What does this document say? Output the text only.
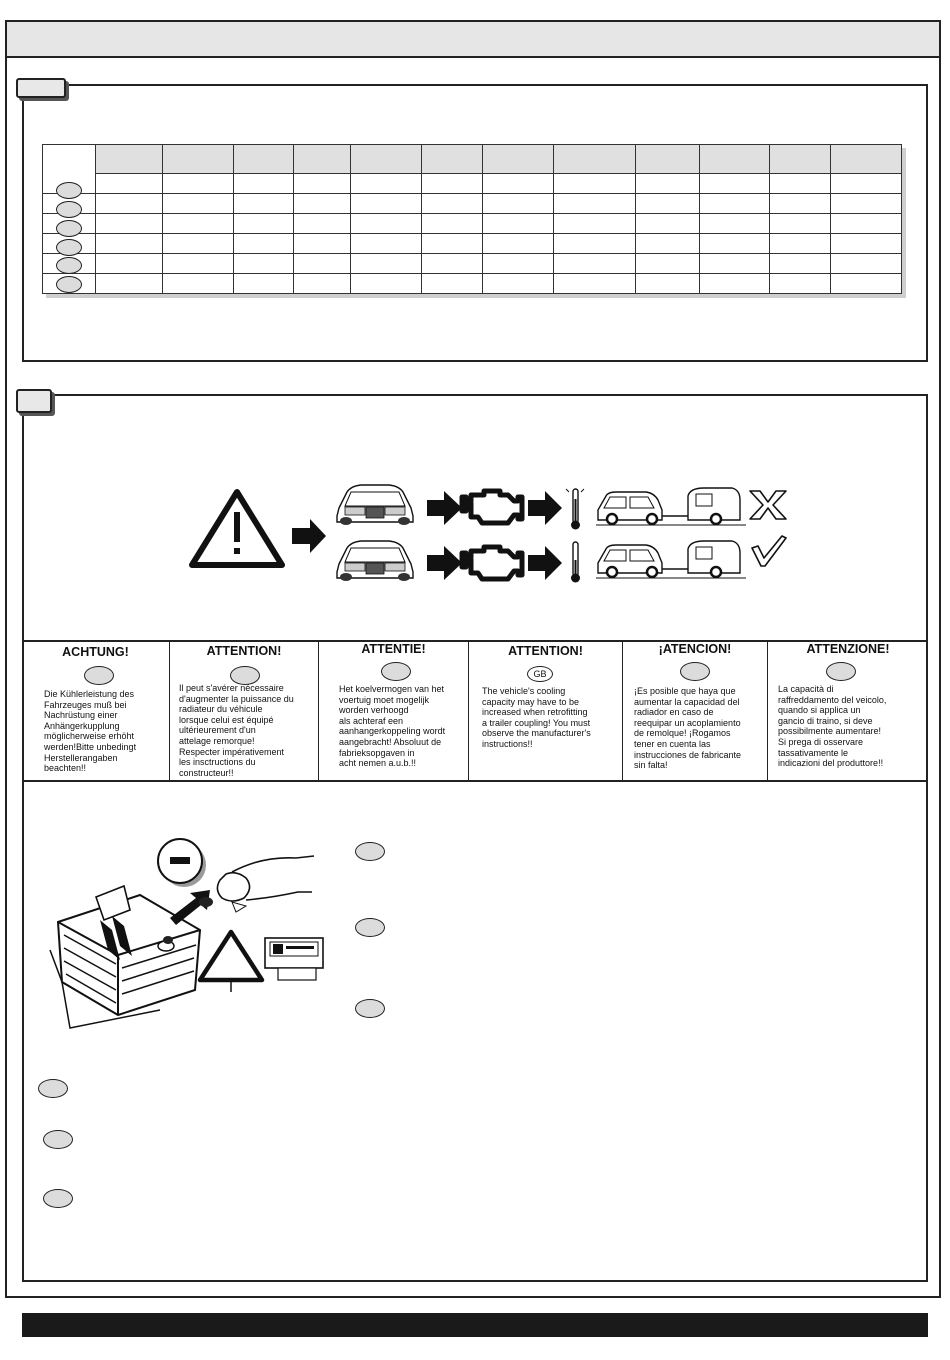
ACHTUNG!
Die Kühlerleistung des
Fahrzeuges muß bei
Nachrüstung einer
Anhängerkupplung
möglicherweise erhöht
werden!Bitte unbedingt
Herstellerangaben
beachten!!
ATTENTION!
Il peut s'avérer nécessaire
d'augmenter la puissance du
radiateur du véhicule
lorsque celui est équipé
ultérieurement d'un
attelage remorque!
Respecter impérativement
les insctructions du
constructeur!!
ATTENTIE!
Het koelvermogen van het
voertuig moet mogelijk
worden verhoogd
als achteraf een
aanhangerkoppeling wordt
aangebracht! Absoluut de
fabrieksopgaven in
acht nemen a.u.b.!!
ATTENTION!
GB
The vehicle's cooling
capacity may have to be
increased when retrofitting
a trailer coupling! You must
observe the manufacturer's
instructions!!
¡ATENCION!
¡Es posible que haya que
aumentar la capacidad del
radiador en caso de
reequipar un acoplamiento
de remolque! ¡Rogamos
tener en cuenta las
instrucciones de fabricante
sin falta!
ATTENZIONE!
La capacità di
raffreddamento del veicolo,
quando si applica un
gancio di traino, si deve
possibilmente aumentare!
Si prega di osservare
tassativamente le
indicazioni del produttore!!
